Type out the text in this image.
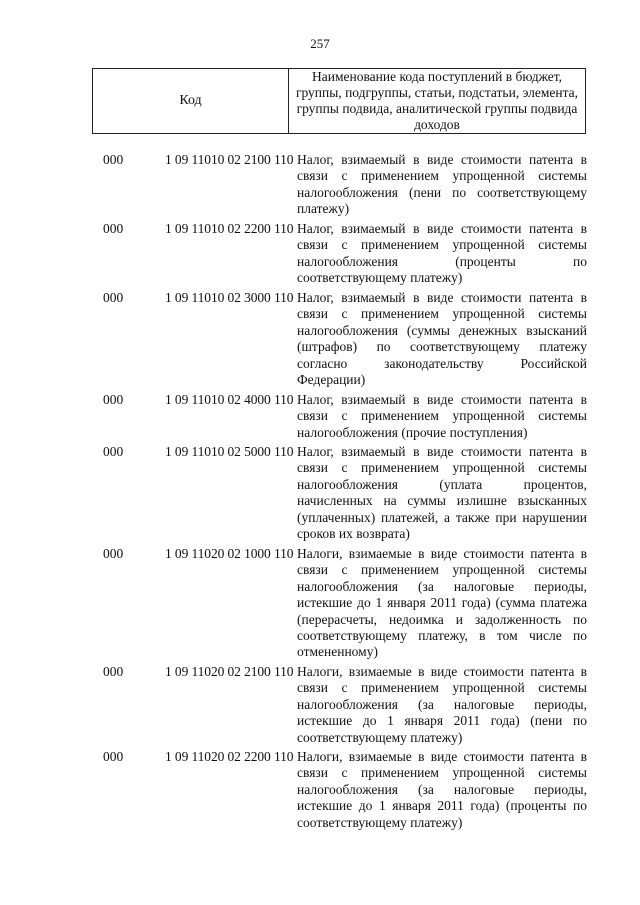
257
Код
Наименование кода поступлений в бюджет, группы, подгруппы, статьи, подстатьи, элемента, группы подвида, аналитической группы подвида доходов
000	1 09 11010 02 2100 110 Налог, взимаемый в виде стоимости патента в связи с применением упрощенной системы налогообложения (пени по соответствующему платежу)
000	1 09 11010 02 2200 110 Налог, взимаемый в виде стоимости патента в связи с применением упрощенной системы налогообложения (проценты по соответствующему платежу)
000	1 09 11010 02 3000 110 Налог, взимаемый в виде стоимости патента в связи с применением упрощенной системы налогообложения (суммы денежных взысканий (штрафов) по соответствующему платежу согласно законодательству Российской Федерации)
000	1 09 11010 02 4000 110 Налог, взимаемый в виде стоимости патента в связи с применением упрощенной системы налогообложения (прочие поступления)
000	1 09 11010 02 5000 110 Налог, взимаемый в виде стоимости патента в связи с применением упрощенной системы налогообложения (уплата процентов, начисленных на суммы излишне взысканных (уплаченных) платежей, а также при нарушении сроков их возврата)
000	1 09 11020 02 1000 110 Налоги, взимаемые в виде стоимости патента в связи с применением упрощенной системы налогообложения (за налоговые периоды, истекшие до 1 января 2011 года) (сумма платежа (перерасчеты, недоимка и задолженность по соответствующему платежу, в том числе по отмененному)
000	1 09 11020 02 2100 110 Налоги, взимаемые в виде стоимости патента в связи с применением упрощенной системы налогообложения (за налоговые периоды, истекшие до 1 января 2011 года) (пени по соответствующему платежу)
000	1 09 11020 02 2200 110 Налоги, взимаемые в виде стоимости патента в связи с применением упрощенной системы налогообложения (за налоговые периоды, истекшие до 1 января 2011 года) (проценты по соответствующему платежу)
